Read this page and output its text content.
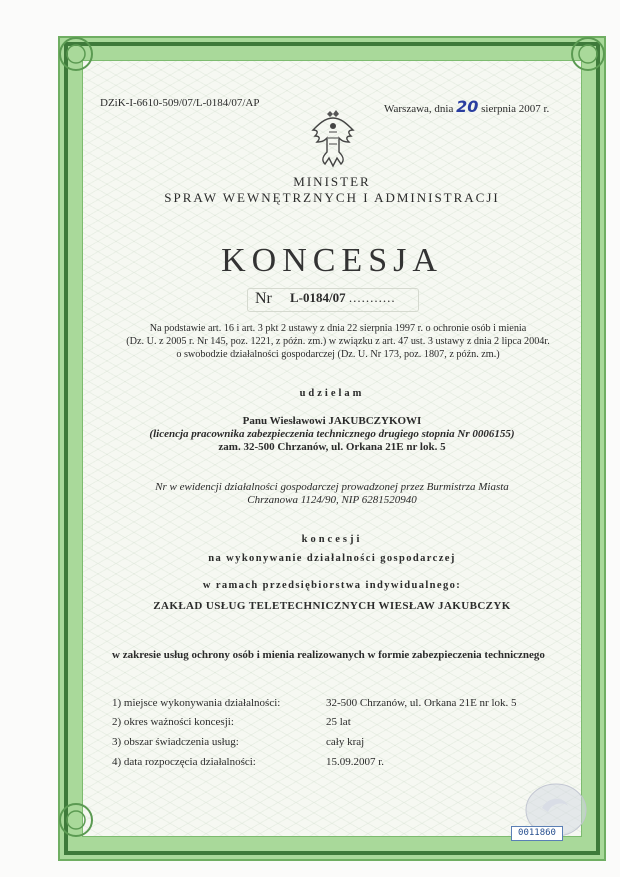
DZiK-I-6610-509/07/L-0184/07/AP	Warszawa, dnia 20 sierpnia 2007 r.
MINISTER
SPRAW WEWNĘTRZNYCH I ADMINISTRACJI
KONCESJA
Nr L-0184/07 ...........
Na podstawie art. 16 i art. 3 pkt 2 ustawy z dnia 22 sierpnia 1997 r. o ochronie osób i mienia
(Dz. U. z 2005 r. Nr 145, poz. 1221, z późn. zm.) w związku z art. 47 ust. 3 ustawy z dnia 2 lipca 2004r.
o swobodzie działalności gospodarczej (Dz. U. Nr 173, poz. 1807, z późn. zm.)
udzielam
Panu Wiesławowi JAKUBCZYKOWI
(licencja pracownika zabezpieczenia technicznego drugiego stopnia Nr 0006155)
zam. 32-500 Chrzanów, ul. Orkana 21E nr lok. 5
Nr w ewidencji działalności gospodarczej prowadzonej przez Burmistrza Miasta
Chrzanowa 1124/90, NIP 6281520940
koncesji
na wykonywanie działalności gospodarczej
w ramach przedsiębiorstwa indywidualnego:
ZAKŁAD USŁUG TELETECHNICZNYCH WIESŁAW JAKUBCZYK
w zakresie usług ochrony osób i mienia realizowanych w formie zabezpieczenia technicznego
1) miejsce wykonywania działalności:	32-500 Chrzanów, ul. Orkana 21E nr lok. 5
2) okres ważności koncesji:	25 lat
3) obszar świadczenia usług:	cały kraj
4) data rozpoczęcia działalności:	15.09.2007 r.
0011860
